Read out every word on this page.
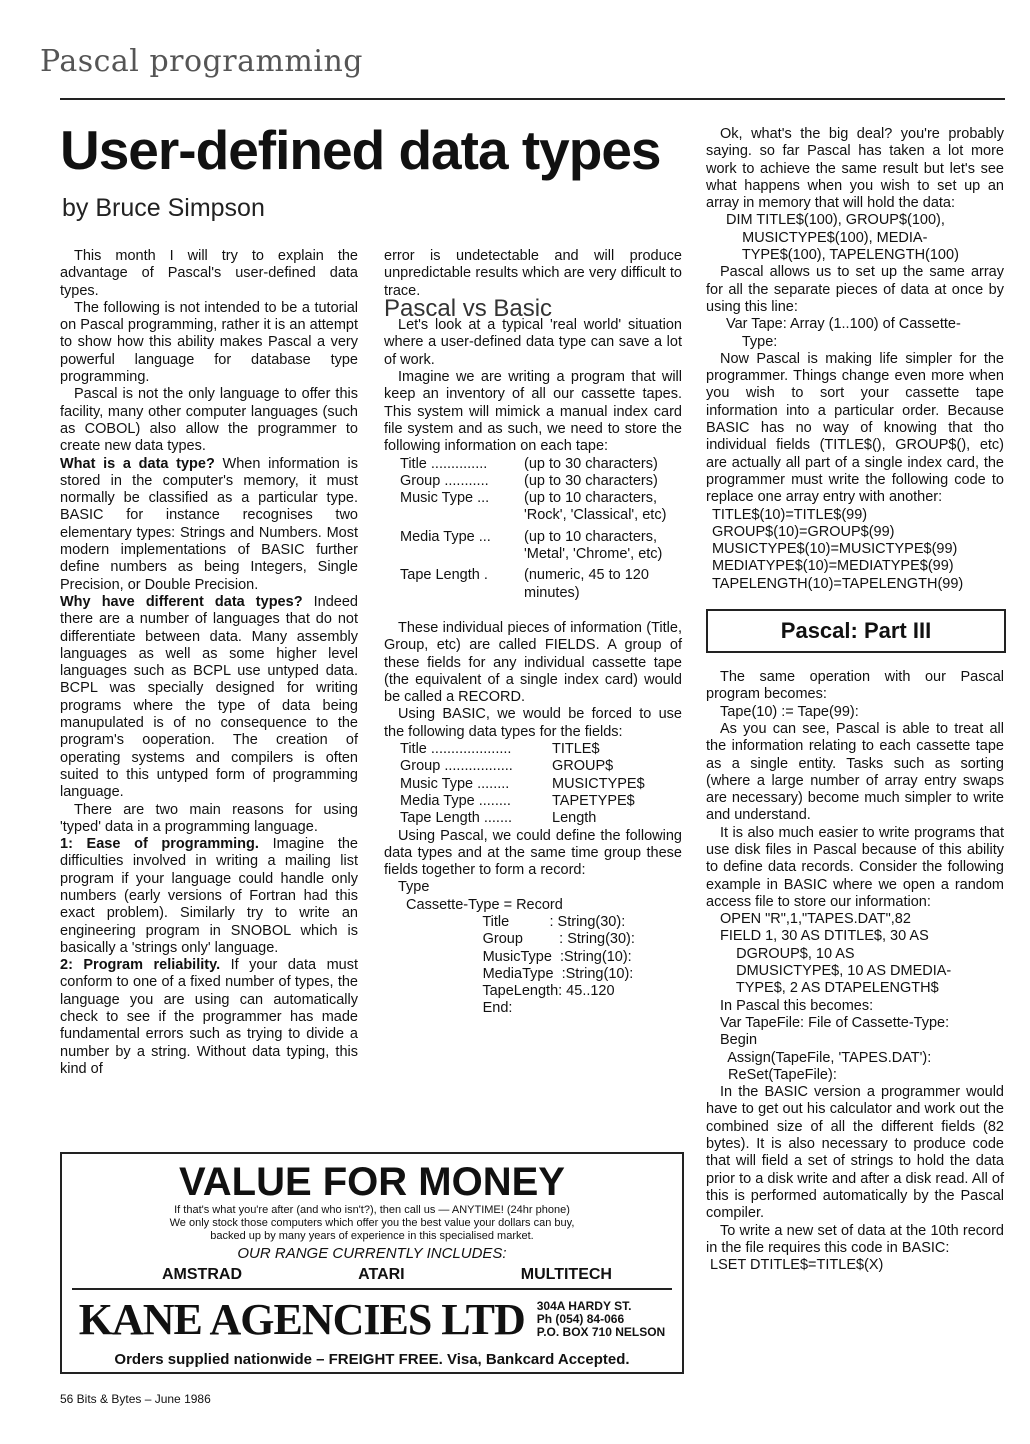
Pascal programming
User-defined data types
by Bruce Simpson

This month I will try to explain the advantage of Pascal's user-defined data types.

The following is not intended to be a tutorial on Pascal programming, rather it is an attempt to show how this ability makes Pascal a very powerful language for database type programming.

Pascal is not the only language to offer this facility, many other computer languages (such as COBOL) also allow the programmer to create new data types.

What is a data type? When information is stored in the computer's memory, it must normally be classified as a particular type. BASIC for instance recognises two elementary types: Strings and Numbers. Most modern implementations of BASIC further define numbers as being Integers, Single Precision, or Double Precision.

Why have different data types? Indeed there are a number of languages that do not differentiate between data. Many assembly languages as well as some higher level languages such as BCPL use untyped data. BCPL was specially designed for writing programs where the type of data being manupulated is of no consequence to the program's ooperation. The creation of operating systems and compilers is often suited to this untyped form of programming language.

There are two main reasons for using 'typed' data in a programming language.

1: Ease of programming. Imagine the difficulties involved in writing a mailing list program if your language could handle only numbers (early versions of Fortran had this exact problem). Similarly try to write an engineering program in SNOBOL which is basically a 'strings only' language.

2: Program reliability. If your data must conform to one of a fixed number of types, the language you are using can automatically check to see if the programmer has made fundamental errors such as trying to divide a number by a string. Without data typing, this kind of

error is undetectable and will produce unpredictable results which are very difficult to trace.

Pascal vs Basic

Let's look at a typical 'real world' situation where a user-defined data type can save a lot of work.

Imagine we are writing a program that will keep an inventory of all our cassette tapes. This system will mimick a manual index card file system and as such, we need to store the following information on each tape:

Title ..............	(up to 30 characters)
Group ...........	(up to 30 characters)
Music Type ...	(up to 10 characters, 'Rock', 'Classical', etc)
Media Type ...	(up to 10 characters, 'Metal', 'Chrome', etc)
Tape Length .	(numeric, 45 to 120 minutes)

These individual pieces of information (Title, Group, etc) are called FIELDS. A group of these fields for any individual cassette tape (the equivalent of a single index card) would be called a RECORD.

Using BASIC, we would be forced to use the following data types for the fields:

Title ....................	TITLE$
Group .................	GROUP$
Music Type ........	MUSICTYPE$
Media Type ........	TAPETYPE$
Tape Length .......	Length

Using Pascal, we could define the following data types and at the same time group these fields together to form a record:

Type
Cassette-Type = Record
Title          : String(30):
Group         : String(30):
MusicType  :String(10):
MediaType  :String(10):
TapeLength: 45..120
End:

Ok, what's the big deal? you're probably saying. so far Pascal has taken a lot more work to achieve the same result but let's see what happens when you wish to set up an array in memory that will hold the data:

DIM TITLE$(100), GROUP$(100),
MUSICTYPE$(100), MEDIA-
TYPE$(100), TAPELENGTH(100)

Pascal allows us to set up the same array for all the separate pieces of data at once by using this line:

Var Tape: Array (1..100) of Cassette-
Type:

Now Pascal is making life simpler for the programmer. Things change even more when you wish to sort your cassette tape information into a particular order. Because BASIC has no way of knowing that tho individual fields (TITLE$(), GROUP$(), etc) are actually all part of a single index card, the programmer must write the following code to replace one array entry with another:

TITLE$(10)=TITLE$(99)
GROUP$(10)=GROUP$(99)
MUSICTYPE$(10)=MUSICTYPE$(99)
MEDIATYPE$(10)=MEDIATYPE$(99)
TAPELENGTH(10)=TAPELENGTH(99)
Pascal: Part III

The same operation with our Pascal program becomes:

Tape(10) := Tape(99):

As you can see, Pascal is able to treat all the information relating to each cassette tape as a single entity. Tasks such as sorting (where a large number of array entry swaps are necessary) become much simpler to write and understand.

It is also much easier to write programs that use disk files in Pascal because of this ability to define data records. Consider the following example in BASIC where we open a random access file to store our information:

OPEN "R",1,"TAPES.DAT",82
FIELD 1, 30 AS DTITLE$, 30 AS
DGROUP$, 10 AS
DMUSICTYPE$, 10 AS DMEDIA-
TYPE$, 2 AS DTAPELENGTH$
In Pascal this becomes:
Var TapeFile: File of Cassette-Type:
Begin
Assign(TapeFile, 'TAPES.DAT'):
ReSet(TapeFile):

In the BASIC version a programmer would have to get out his calculator and work out the combined size of all the different fields (82 bytes). It is also necessary to produce code that will field a set of strings to hold the data prior to a disk write and after a disk read. All of this is performed automatically by the Pascal compiler.

To write a new set of data at the 10th record in the file requires this code in BASIC:

LSET DTITLE$=TITLE$(X)
VALUE FOR MONEY
If that's what you're after (and who isn't?), then call us — ANYTIME! (24hr phone)
We only stock those computers which offer you the best value your dollars can buy,
backed up by many years of experience in this specialised market.
OUR RANGE CURRENTLY INCLUDES:
AMSTRAD	ATARI	MULTITECH
KANE AGENCIES LTD 304A HARDY ST.
Ph (054) 84-066
P.O. BOX 710 NELSON
Orders supplied nationwide – FREIGHT FREE. Visa, Bankcard Accepted.
56 Bits & Bytes – June 1986
